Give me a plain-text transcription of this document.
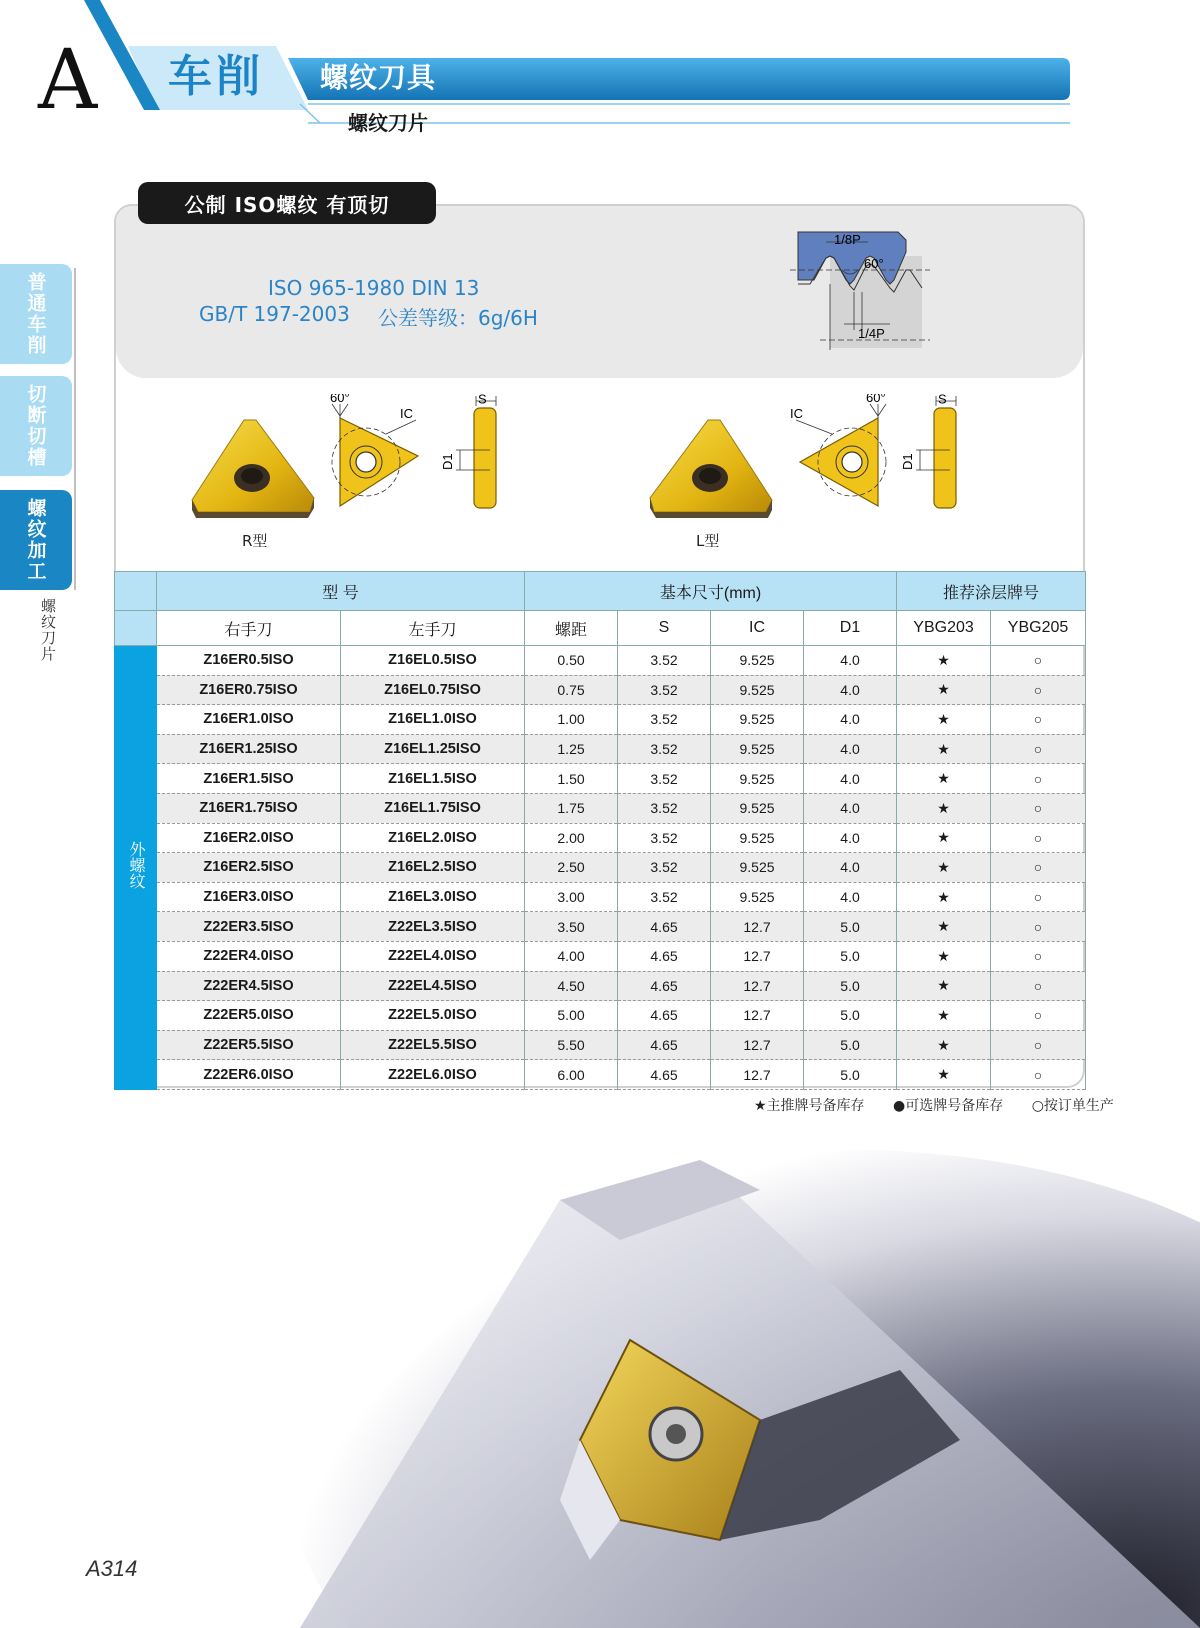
A 车削 螺纹刀具
螺纹刀片
普通车削
切断切槽
螺纹加工
螺纹刀片
公制 ISO螺纹 有顶切
ISO 965-1980 DIN 13
GB/T 197-2003 公差等级：6g/6H
1/8P
60°
1/4P
60°
IC
S
D1
R型
60°
IC
S
D1
L型
	型 号		基本尺寸(mm)				推荐涂层牌号	
	右手刀	左手刀	螺距	S	IC	D1	YBG203	YBG205
外螺纹	Z16ER0.5ISO	Z16EL0.5ISO	0.50	3.52	9.525	4.0	★	○
	Z16ER0.75ISO	Z16EL0.75ISO	0.75	3.52	9.525	4.0	★	○
	Z16ER1.0ISO	Z16EL1.0ISO	1.00	3.52	9.525	4.0	★	○
	Z16ER1.25ISO	Z16EL1.25ISO	1.25	3.52	9.525	4.0	★	○
	Z16ER1.5ISO	Z16EL1.5ISO	1.50	3.52	9.525	4.0	★	○
	Z16ER1.75ISO	Z16EL1.75ISO	1.75	3.52	9.525	4.0	★	○
	Z16ER2.0ISO	Z16EL2.0ISO	2.00	3.52	9.525	4.0	★	○
	Z16ER2.5ISO	Z16EL2.5ISO	2.50	3.52	9.525	4.0	★	○
	Z16ER3.0ISO	Z16EL3.0ISO	3.00	3.52	9.525	4.0	★	○
	Z22ER3.5ISO	Z22EL3.5ISO	3.50	4.65	12.7	5.0	★	○
	Z22ER4.0ISO	Z22EL4.0ISO	4.00	4.65	12.7	5.0	★	○
	Z22ER4.5ISO	Z22EL4.5ISO	4.50	4.65	12.7	5.0	★	○
	Z22ER5.0ISO	Z22EL5.0ISO	5.00	4.65	12.7	5.0	★	○
	Z22ER5.5ISO	Z22EL5.5ISO	5.50	4.65	12.7	5.0	★	○
	Z22ER6.0ISO	Z22EL6.0ISO	6.00	4.65	12.7	5.0	★	○
★主推牌号备库存 ●可选牌号备库存 ○按订单生产
A314
